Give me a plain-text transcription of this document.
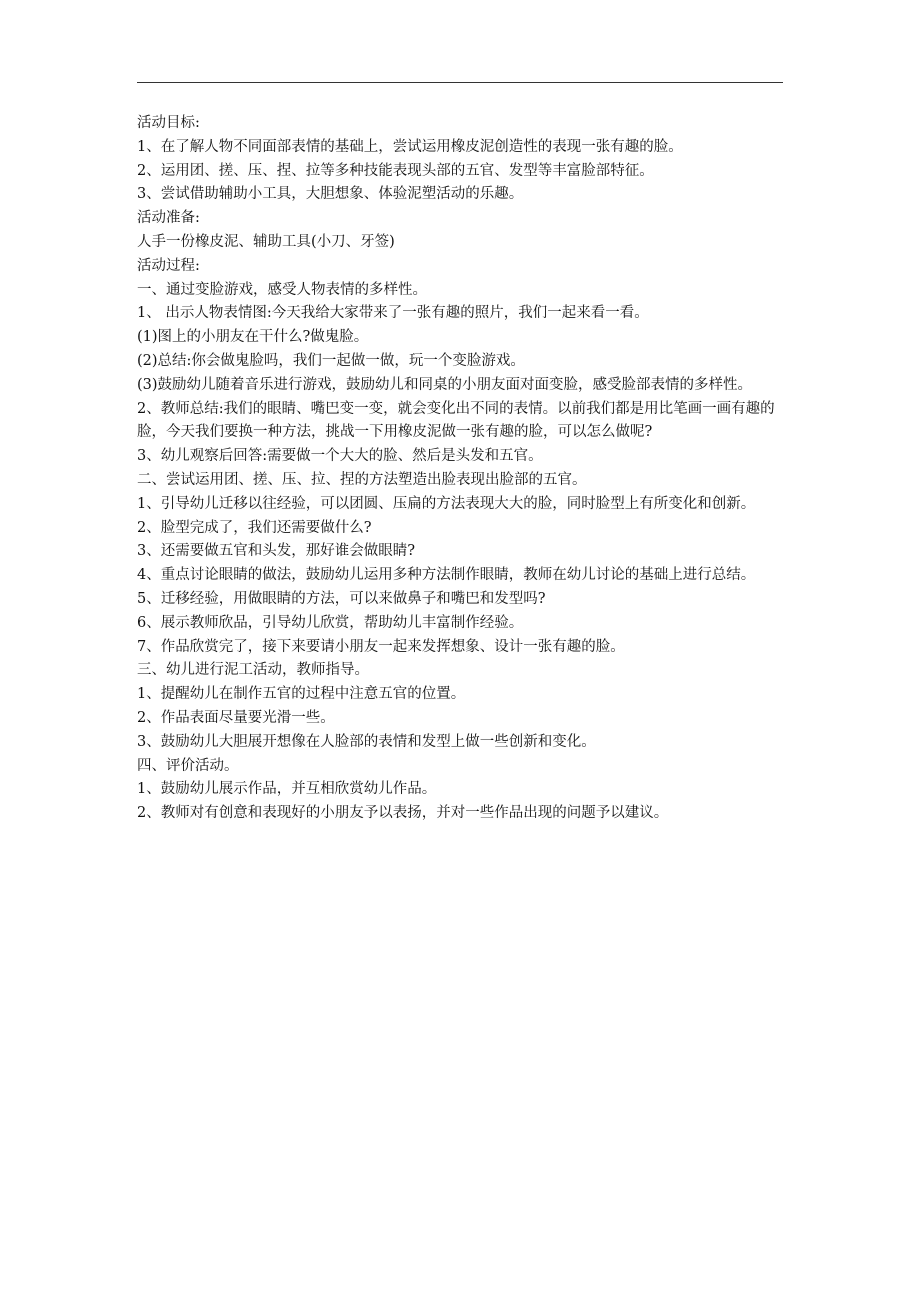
活动目标:
1、在了解人物不同面部表情的基础上，尝试运用橡皮泥创造性的表现一张有趣的脸。
2、运用团、搓、压、捏、拉等多种技能表现头部的五官、发型等丰富脸部特征。
3、尝试借助辅助小工具，大胆想象、体验泥塑活动的乐趣。
活动准备:
人手一份橡皮泥、辅助工具(小刀、牙签)
活动过程:
一、通过变脸游戏，感受人物表情的多样性。
1、 出示人物表情图:今天我给大家带来了一张有趣的照片，我们一起来看一看。
(1)图上的小朋友在干什么?做鬼脸。
(2)总结:你会做鬼脸吗，我们一起做一做，玩一个变脸游戏。
(3)鼓励幼儿随着音乐进行游戏，鼓励幼儿和同桌的小朋友面对面变脸，感受脸部表情的多样性。
2、教师总结:我们的眼睛、嘴巴变一变，就会变化出不同的表情。以前我们都是用比笔画一画有趣的脸，今天我们要换一种方法，挑战一下用橡皮泥做一张有趣的脸，可以怎么做呢?
3、幼儿观察后回答:需要做一个大大的脸、然后是头发和五官。
二、尝试运用团、搓、压、拉、捏的方法塑造出脸表现出脸部的五官。
1、引导幼儿迁移以往经验，可以团圆、压扁的方法表现大大的脸，同时脸型上有所变化和创新。
2、脸型完成了，我们还需要做什么?
3、还需要做五官和头发，那好谁会做眼睛?
4、重点讨论眼睛的做法，鼓励幼儿运用多种方法制作眼睛，教师在幼儿讨论的基础上进行总结。
5、迁移经验，用做眼睛的方法，可以来做鼻子和嘴巴和发型吗?
6、展示教师欣品，引导幼儿欣赏，帮助幼儿丰富制作经验。
7、作品欣赏完了，接下来要请小朋友一起来发挥想象、设计一张有趣的脸。
三、幼儿进行泥工活动，教师指导。
1、提醒幼儿在制作五官的过程中注意五官的位置。
2、作品表面尽量要光滑一些。
3、鼓励幼儿大胆展开想像在人脸部的表情和发型上做一些创新和变化。
四、评价活动。
1、鼓励幼儿展示作品，并互相欣赏幼儿作品。
2、教师对有创意和表现好的小朋友予以表扬，并对一些作品出现的问题予以建议。
